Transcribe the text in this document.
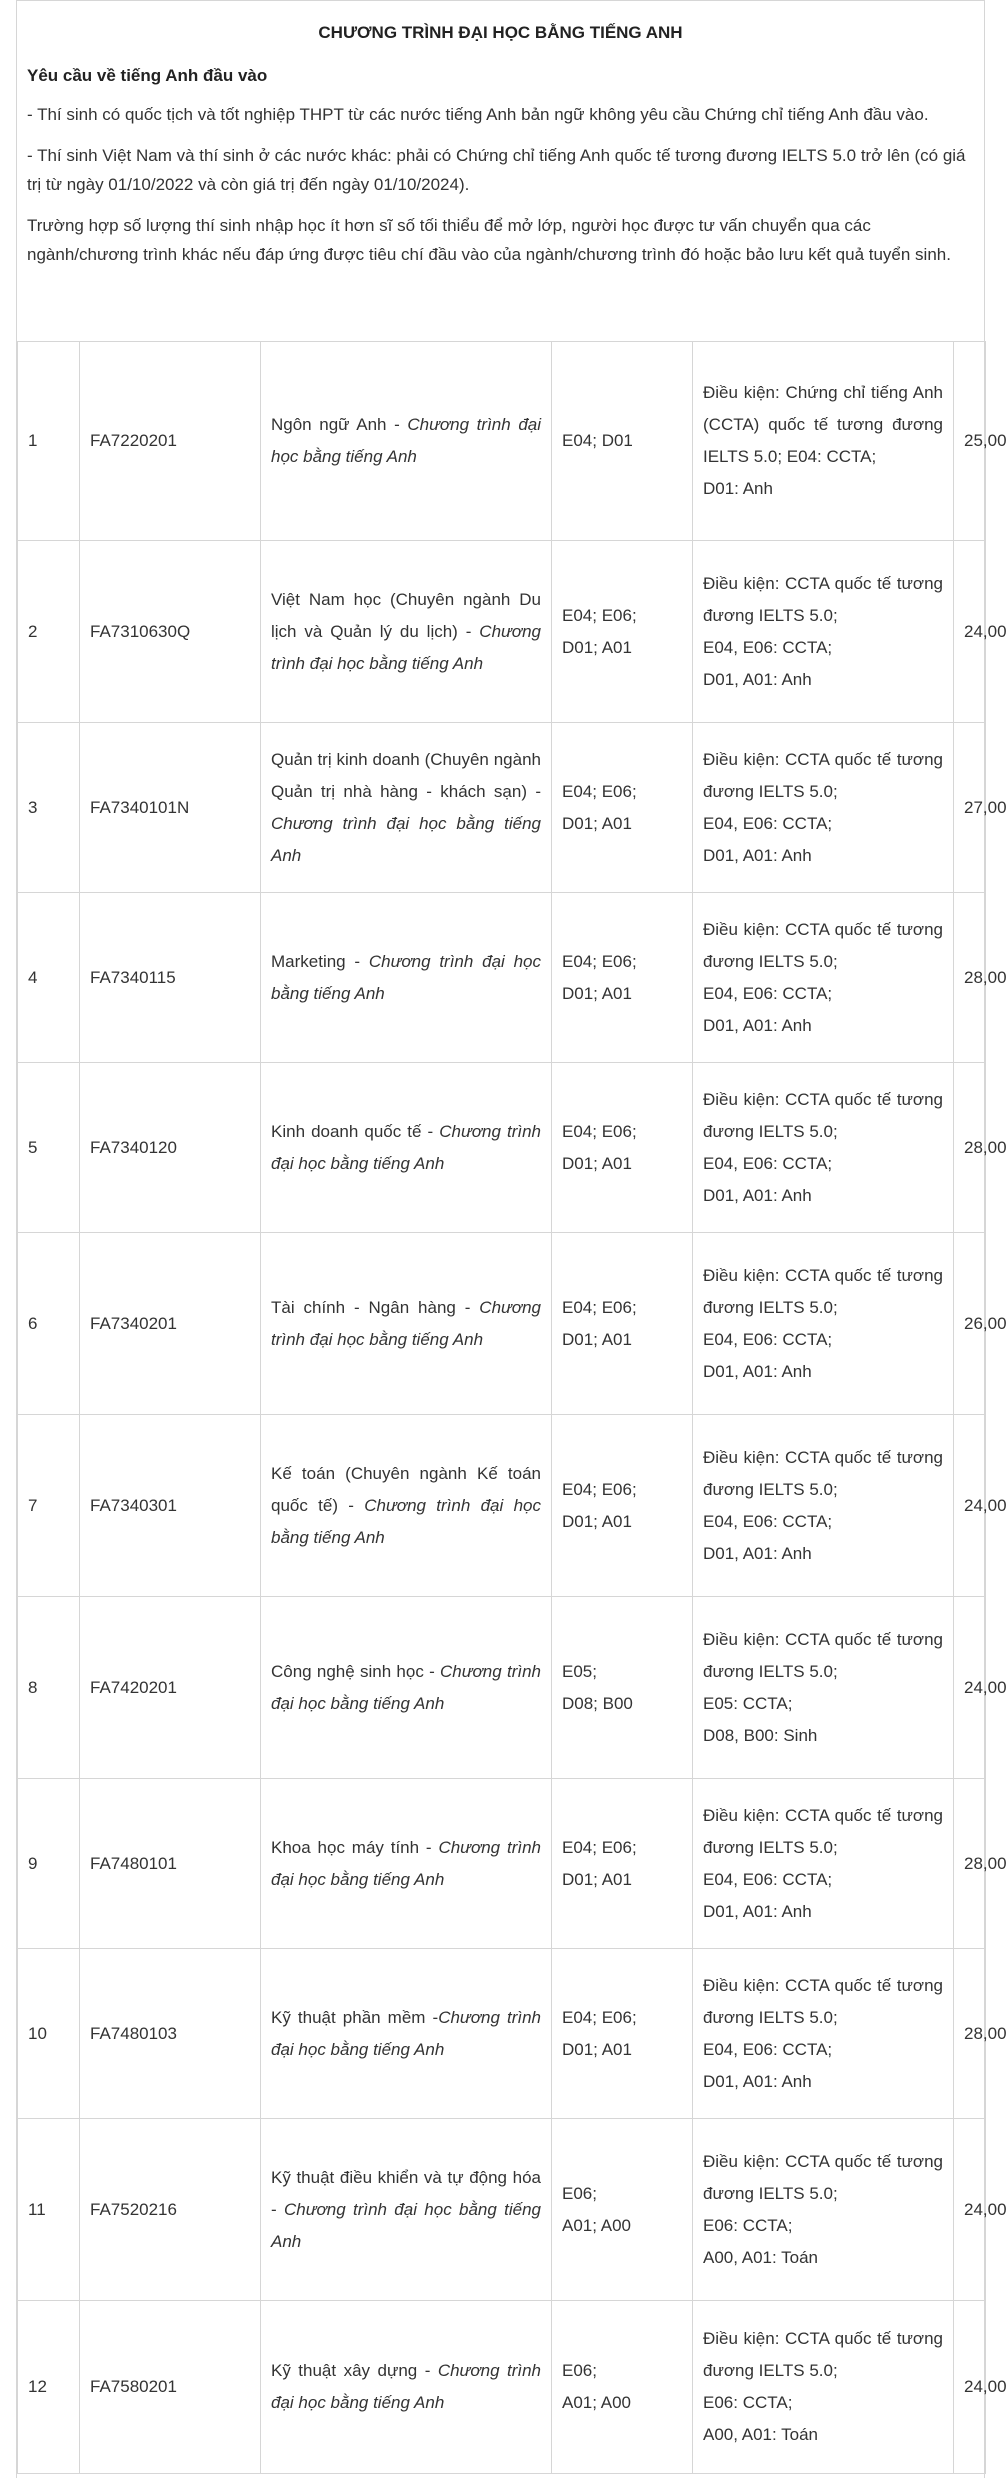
CHƯƠNG TRÌNH ĐẠI HỌC BẰNG TIẾNG ANH
Yêu cầu về tiếng Anh đầu vào

- Thí sinh có quốc tịch và tốt nghiệp THPT từ các nước tiếng Anh bản ngữ không yêu cầu Chứng chỉ tiếng Anh đầu vào.

- Thí sinh Việt Nam và thí sinh ở các nước khác: phải có Chứng chỉ tiếng Anh quốc tế tương đương IELTS 5.0 trở lên (có giá trị từ ngày 01/10/2022 và còn giá trị đến ngày 01/10/2024).

Trường hợp số lượng thí sinh nhập học ít hơn sĩ số tối thiểu để mở lớp, người học được tư vấn chuyển qua các ngành/chương trình khác nếu đáp ứng được tiêu chí đầu vào của ngành/chương trình đó hoặc bảo lưu kết quả tuyển sinh.

1	FA7220201	Ngôn ngữ Anh - Chương trình đại học bằng tiếng Anh	E04; D01	Điều kiện: Chứng chỉ tiếng Anh (CCTA) quốc tế tương đương IELTS 5.0; E04: CCTA;
D01: Anh	25,00
2	FA7310630Q	Việt Nam học (Chuyên ngành Du lịch và Quản lý du lịch) - Chương trình đại học bằng tiếng Anh	E04; E06;
D01; A01	Điều kiện: CCTA quốc tế tương đương IELTS 5.0;
E04, E06: CCTA;
D01, A01: Anh	24,00
3	FA7340101N	Quản trị kinh doanh (Chuyên ngành Quản trị nhà hàng - khách sạn) - Chương trình đại học bằng tiếng Anh	E04; E06;
D01; A01	Điều kiện: CCTA quốc tế tương đương IELTS 5.0;
E04, E06: CCTA;
D01, A01: Anh	27,00
4	FA7340115	Marketing - Chương trình đại học bằng tiếng Anh	E04; E06;
D01; A01	Điều kiện: CCTA quốc tế tương đương IELTS 5.0;
E04, E06: CCTA;
D01, A01: Anh	28,00
5	FA7340120	Kinh doanh quốc tế - Chương trình đại học bằng tiếng Anh	E04; E06;
D01; A01	Điều kiện: CCTA quốc tế tương đương IELTS 5.0;
E04, E06: CCTA;
D01, A01: Anh	28,00
6	FA7340201	Tài chính - Ngân hàng - Chương trình đại học bằng tiếng Anh	E04; E06;
D01; A01	Điều kiện: CCTA quốc tế tương đương IELTS 5.0;
E04, E06: CCTA;
D01, A01: Anh	26,00
7	FA7340301	Kế toán (Chuyên ngành Kế toán quốc tế) - Chương trình đại học bằng tiếng Anh	E04; E06;
D01; A01	Điều kiện: CCTA quốc tế tương đương IELTS 5.0;
E04, E06: CCTA;
D01, A01: Anh	24,00
8	FA7420201	Công nghệ sinh học - Chương trình đại học bằng tiếng Anh	E05;
D08; B00	Điều kiện: CCTA quốc tế tương đương IELTS 5.0;
E05: CCTA;
D08, B00: Sinh	24,00
9	FA7480101	Khoa học máy tính - Chương trình đại học bằng tiếng Anh	E04; E06;
D01; A01	Điều kiện: CCTA quốc tế tương đương IELTS 5.0;
E04, E06: CCTA;
D01, A01: Anh	28,00
10	FA7480103	Kỹ thuật phần mềm -Chương trình đại học bằng tiếng Anh	E04; E06;
D01; A01	Điều kiện: CCTA quốc tế tương đương IELTS 5.0;
E04, E06: CCTA;
D01, A01: Anh	28,00
11	FA7520216	Kỹ thuật điều khiển và tự động hóa - Chương trình đại học bằng tiếng Anh	E06;
A01; A00	Điều kiện: CCTA quốc tế tương đương IELTS 5.0;
E06: CCTA;
A00, A01: Toán	24,00
12	FA7580201	Kỹ thuật xây dựng - Chương trình đại học bằng tiếng Anh	E06;
A01; A00	Điều kiện: CCTA quốc tế tương đương IELTS 5.0;
E06: CCTA;
A00, A01: Toán	24,00
